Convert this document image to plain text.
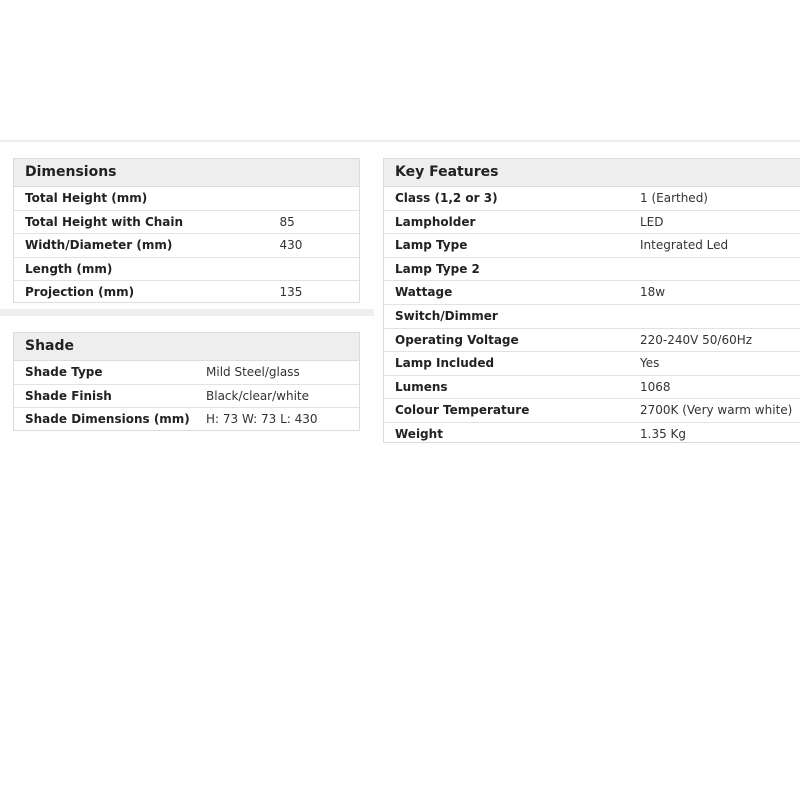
Dimensions
Total Height (mm)
Total Height with Chain	85
Width/Diameter (mm)	430
Length (mm)
Projection (mm)	135
Shade
Shade Type	Mild Steel/glass
Shade Finish	Black/clear/white
Shade Dimensions (mm)	H: 73 W: 73 L: 430
Key Features
Class (1,2 or 3)	1 (Earthed)
Lampholder	LED
Lamp Type	Integrated Led
Lamp Type 2
Wattage	18w
Switch/Dimmer
Operating Voltage	220-240V 50/60Hz
Lamp Included	Yes
Lumens	1068
Colour Temperature	2700K (Very warm white)
Weight	1.35 Kg
